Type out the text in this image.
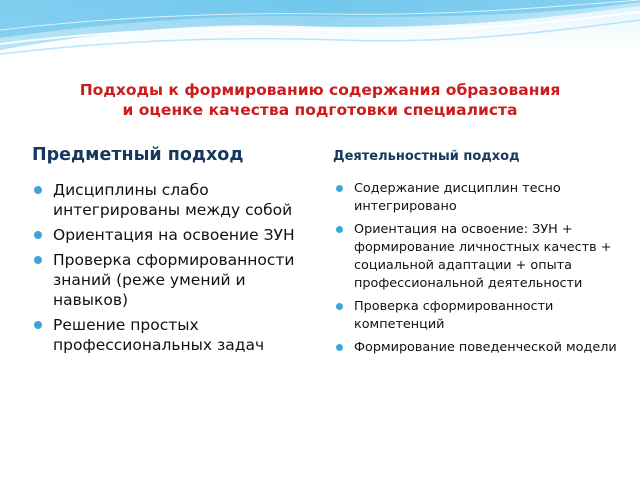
Подходы к формированию содержания образования
и оценке качества подготовки специалиста
Предметный подход	Деятельностный подход
Дисциплины слабо интегрированы между собой
Ориентация на освоение ЗУН
Проверка сформированности знаний (реже умений и навыков)
Решение простых профессиональных задач
Содержание дисциплин тесно интегрировано
Ориентация на освоение: ЗУН + формирование личностных качеств + социальной адаптации + опыта профессиональной деятельности
Проверка сформированности компетенций
Формирование поведенческой модели
